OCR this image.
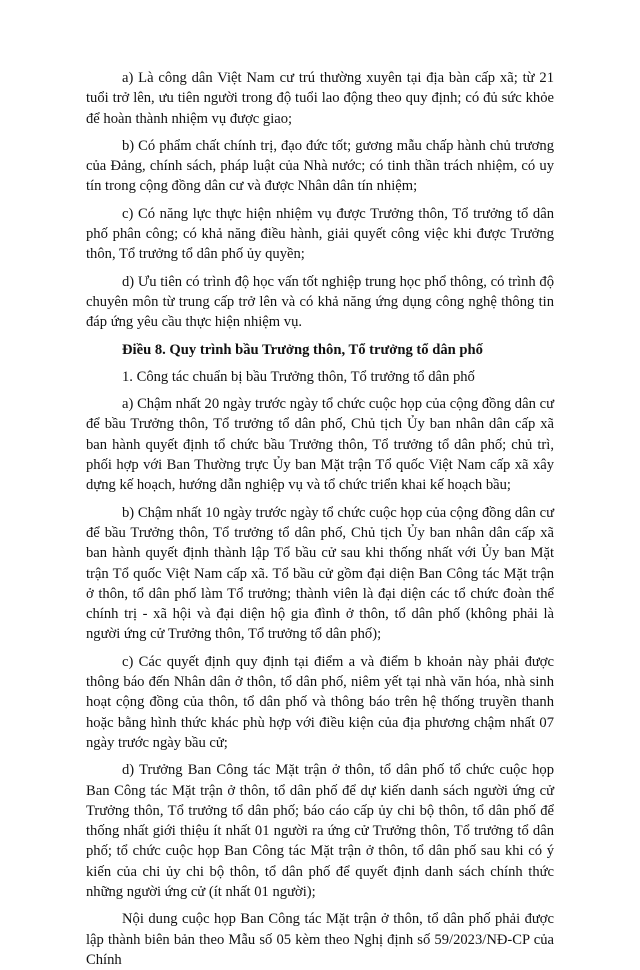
a) Là công dân Việt Nam cư trú thường xuyên tại địa bàn cấp xã; từ 21 tuổi trở lên, ưu tiên người trong độ tuổi lao động theo quy định; có đủ sức khỏe để hoàn thành nhiệm vụ được giao;

b) Có phẩm chất chính trị, đạo đức tốt; gương mẫu chấp hành chủ trương của Đảng, chính sách, pháp luật của Nhà nước; có tinh thần trách nhiệm, có uy tín trong cộng đồng dân cư và được Nhân dân tín nhiệm;

c) Có năng lực thực hiện nhiệm vụ được Trưởng thôn, Tổ trưởng tổ dân phố phân công; có khả năng điều hành, giải quyết công việc khi được Trưởng thôn, Tổ trưởng tổ dân phố ủy quyền;

d) Ưu tiên có trình độ học vấn tốt nghiệp trung học phổ thông, có trình độ chuyên môn từ trung cấp trở lên và có khả năng ứng dụng công nghệ thông tin đáp ứng yêu cầu thực hiện nhiệm vụ.

Điều 8. Quy trình bầu Trưởng thôn, Tổ trưởng tổ dân phố

1. Công tác chuẩn bị bầu Trưởng thôn, Tổ trưởng tổ dân phố

a) Chậm nhất 20 ngày trước ngày tổ chức cuộc họp của cộng đồng dân cư để bầu Trưởng thôn, Tổ trưởng tổ dân phố, Chủ tịch Ủy ban nhân dân cấp xã ban hành quyết định tổ chức bầu Trưởng thôn, Tổ trưởng tổ dân phố; chủ trì, phối hợp với Ban Thường trực Ủy ban Mặt trận Tổ quốc Việt Nam cấp xã xây dựng kế hoạch, hướng dẫn nghiệp vụ và tổ chức triển khai kế hoạch bầu;

b) Chậm nhất 10 ngày trước ngày tổ chức cuộc họp của cộng đồng dân cư để bầu Trưởng thôn, Tổ trưởng tổ dân phố, Chủ tịch Ủy ban nhân dân cấp xã ban hành quyết định thành lập Tổ bầu cử sau khi thống nhất với Ủy ban Mặt trận Tổ quốc Việt Nam cấp xã. Tổ bầu cử gồm đại diện Ban Công tác Mặt trận ở thôn, tổ dân phố làm Tổ trưởng; thành viên là đại diện các tổ chức đoàn thể chính trị - xã hội và đại diện hộ gia đình ở thôn, tổ dân phố (không phải là người ứng cử Trưởng thôn, Tổ trưởng tổ dân phố);

c) Các quyết định quy định tại điểm a và điểm b khoản này phải được thông báo đến Nhân dân ở thôn, tổ dân phố, niêm yết tại nhà văn hóa, nhà sinh hoạt cộng đồng của thôn, tổ dân phố và thông báo trên hệ thống truyền thanh hoặc bằng hình thức khác phù hợp với điều kiện của địa phương chậm nhất 07 ngày trước ngày bầu cử;

d) Trưởng Ban Công tác Mặt trận ở thôn, tổ dân phố tổ chức cuộc họp Ban Công tác Mặt trận ở thôn, tổ dân phố để dự kiến danh sách người ứng cử Trưởng thôn, Tổ trưởng tổ dân phố; báo cáo cấp ủy chi bộ thôn, tổ dân phố để thống nhất giới thiệu ít nhất 01 người ra ứng cử Trưởng thôn, Tổ trưởng tổ dân phố; tổ chức cuộc họp Ban Công tác Mặt trận ở thôn, tổ dân phố sau khi có ý kiến của chi ủy chi bộ thôn, tổ dân phố để quyết định danh sách chính thức những người ứng cử (ít nhất 01 người);

Nội dung cuộc họp Ban Công tác Mặt trận ở thôn, tổ dân phố phải được lập thành biên bản theo Mẫu số 05 kèm theo Nghị định số 59/2023/NĐ-CP của Chính
